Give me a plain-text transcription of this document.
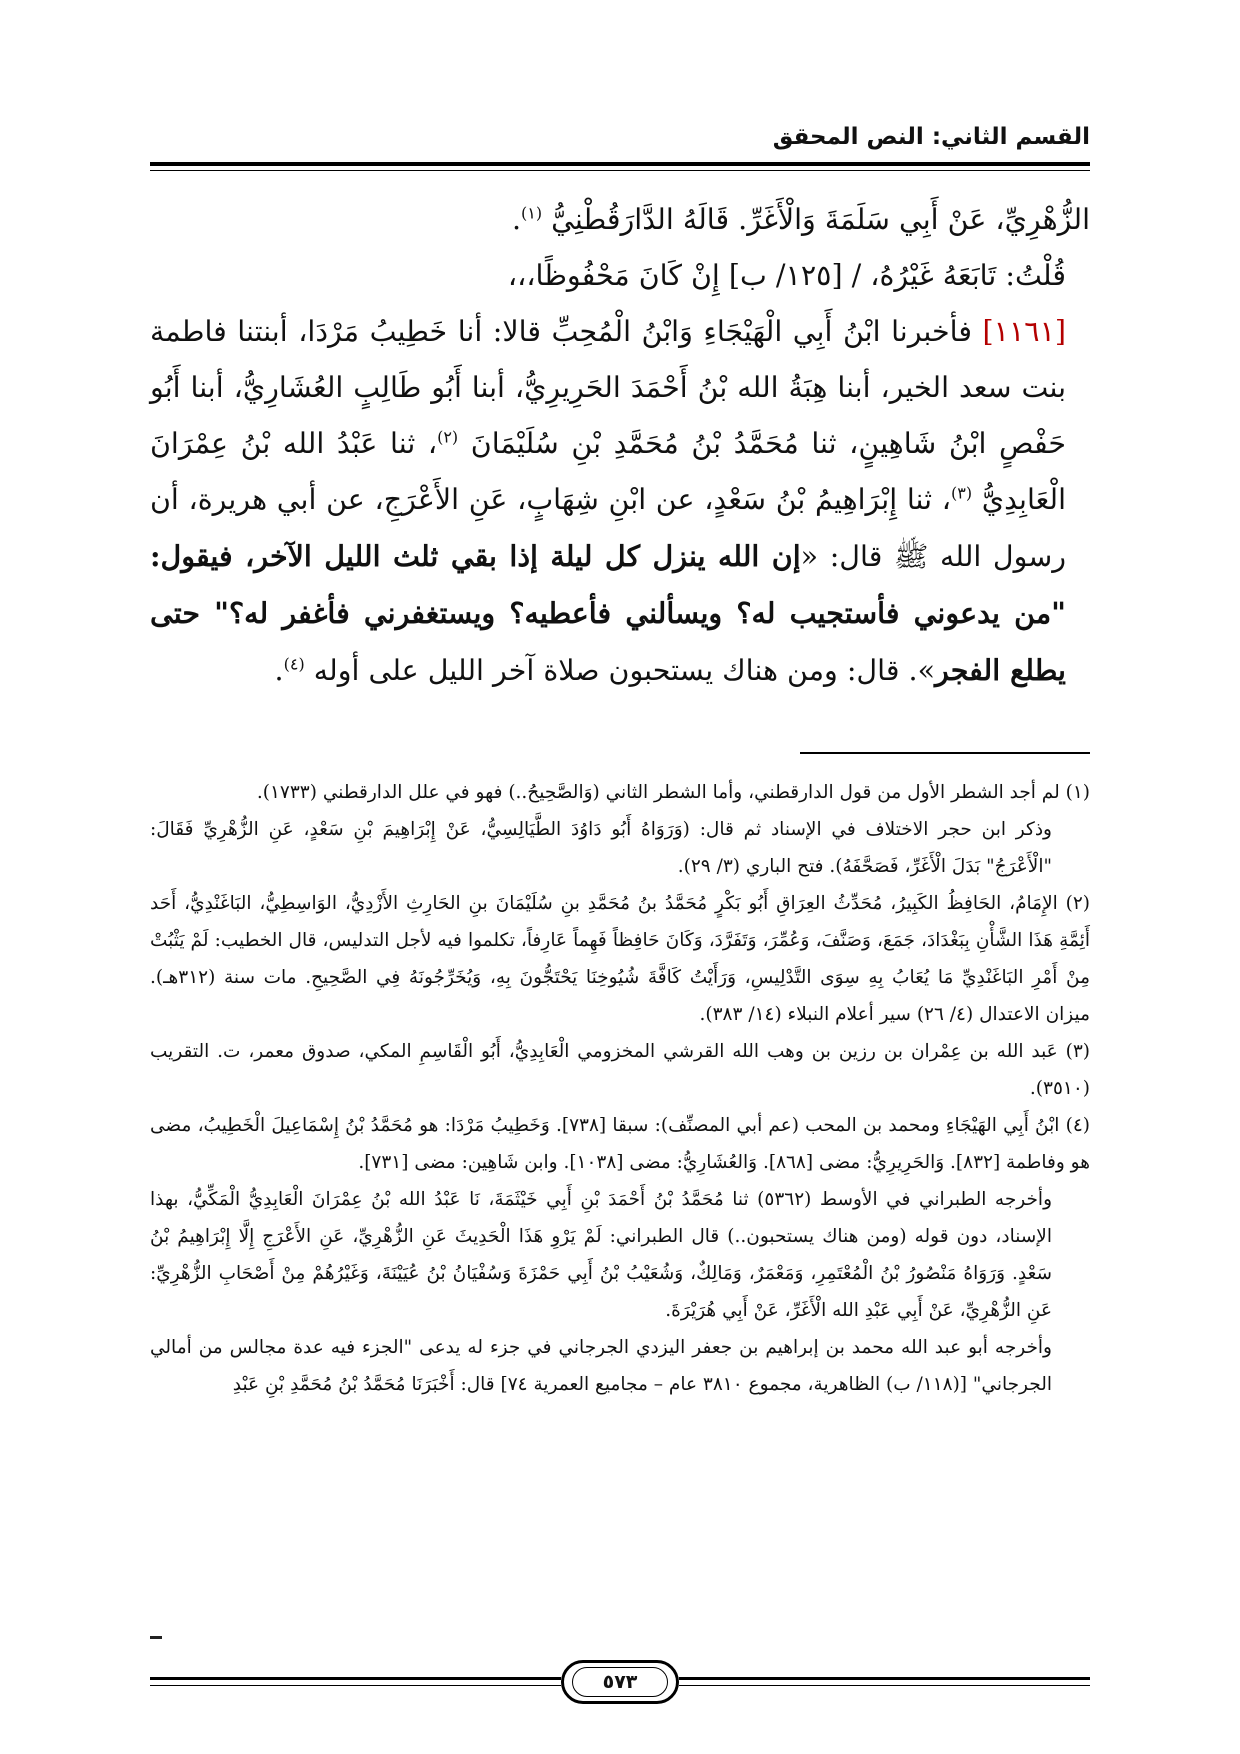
القسم الثاني: النص المحقق

الزُّهْرِيِّ، عَنْ أَبِي سَلَمَةَ وَالْأَغَرِّ. قَالَهُ الدَّارَقُطْنِيُّ $^{(١)}$.

قُلْتُ: تَابَعَهُ غَيْرُهُ، / [١٢٥/ ب] إِنْ كَانَ مَحْفُوظًا،،،

[١١٦١] فأخبرنا ابْنُ أَبِي الْهَيْجَاءِ وَابْنُ الْمُحِبِّ قالا: أنا خَطِيبُ مَرْدَا، أبنتنا فاطمة بنت سعد الخير، أبنا هِبَةُ الله بْنُ أَحْمَدَ الحَرِيرِيُّ، أبنا أَبُو طَالِبٍ العُشَارِيُّ، أبنا أَبُو حَفْصٍ ابْنُ شَاهِينٍ، ثنا مُحَمَّدُ بْنُ مُحَمَّدِ بْنِ سُلَيْمَانَ $^{(٢)}$، ثنا عَبْدُ الله بْنُ عِمْرَانَ الْعَابِدِيُّ $^{(٣)}$، ثنا إِبْرَاهِيمُ بْنُ سَعْدٍ، عن ابْنِ شِهَابٍ، عَنِ الأَعْرَجِ، عن أبي هريرة، أن رسول الله ﷺ قال: «إن الله ينزل كل ليلة إذا بقي ثلث الليل الآخر، فيقول: "من يدعوني فأستجيب له؟ ويسألني فأعطيه؟ ويستغفرني فأغفر له؟" حتى يطلع الفجر». قال: ومن هناك يستحبون صلاة آخر الليل على أوله $^{(٤)}$.

(١) لم أجد الشطر الأول من قول الدارقطني، وأما الشطر الثاني (وَالصَّحِيحُ..) فهو في علل الدارقطني (١٧٣٣).

وذكر ابن حجر الاختلاف في الإسناد ثم قال: (وَرَوَاهُ أَبُو دَاوُدَ الطَّيَالِسِيُّ، عَنْ إِبْرَاهِيمَ بْنِ سَعْدٍ، عَنِ الزُّهْرِيِّ فَقَالَ: "الْأَعْرَجُ" بَدَلَ الْأَغَرِّ، فَصَحَّفَهُ). فتح الباري (٣/ ٢٩).

(٢) الإِمَامُ، الحَافِظُ الكَبِيرُ، مُحَدِّثُ العِرَاقِ أَبُو بَكْرٍ مُحَمَّدُ بنُ مُحَمَّدِ بنِ سُلَيْمَانَ بنِ الحَارِثِ الأَزْدِيُّ، الوَاسِطِيُّ، البَاغَنْدِيُّ، أَحَد أَئِمَّةِ هَذَا الشَّأْنِ بِبَغْدَادَ، جَمَعَ، وَصَنَّفَ، وَعُمِّرَ، وَتَفَرَّدَ، وَكَانَ حَافِظاً فَهِماً عَارِفاً، تكلموا فيه لأجل التدليس، قال الخطيب: لَمْ يَثْبُتْ مِنْ أَمْرِ البَاغَنْدِيِّ مَا يُعَابُ بِهِ سِوَى التَّدْلِيسِ، وَرَأَيْتُ كَافَّةَ شُيُوخِنَا يَحْتَجُّونَ بِهِ، وَيُخَرِّجُونَهُ فِي الصَّحِيحِ. مات سنة (٣١٢هـ). ميزان الاعتدال (٤/ ٢٦) سير أعلام النبلاء (١٤/ ٣٨٣).

(٣) عَبد الله بن عِمْران بن رزين بن وهب الله القرشي المخزومي الْعَابِدِيُّ، أَبُو الْقَاسِمِ المكي، صدوق معمر، ت. التقريب (٣٥١٠).

(٤) ابْنُ أَبِي الهَيْجَاءِ ومحمد بن المحب (عم أبي المصنِّف): سبقا [٧٣٨]. وَخَطِيبُ مَرْدَا: هو مُحَمَّدُ بْنُ إِسْمَاعِيلَ الْخَطِيبُ، مضى هو وفاطمة [٨٣٢]. وَالحَرِيرِيُّ: مضى [٨٦٨]. وَالعُشَارِيُّ: مضى [١٠٣٨]. وابن شَاهِين: مضى [٧٣١].

وأخرجه الطبراني في الأوسط (٥٣٦٢) ثنا مُحَمَّدُ بْنُ أَحْمَدَ بْنِ أَبِي خَيْثَمَةَ، نَا عَبْدُ الله بْنُ عِمْرَانَ الْعَابِدِيُّ الْمَكِّيُّ، بهذا الإسناد، دون قوله (ومن هناك يستحبون..) قال الطبراني: لَمْ يَرْوِ هَذَا الْحَدِيثَ عَنِ الزُّهْرِيِّ، عَنِ الأَعْرَجِ إِلَّا إِبْرَاهِيمُ بْنُ سَعْدٍ. وَرَوَاهُ مَنْصُورُ بْنُ الْمُعْتَمِرِ، وَمَعْمَرٌ، وَمَالِكٌ، وَشُعَيْبُ بْنُ أَبِي حَمْزَةَ وَسُفْيَانُ بْنُ عُيَيْنَةَ، وَغَيْرُهُمْ مِنْ أَصْحَابِ الزُّهْرِيِّ: عَنِ الزُّهْرِيِّ، عَنْ أَبِي عَبْدِ الله الْأَغَرِّ، عَنْ أَبِي هُرَيْرَةَ.

وأخرجه أبو عبد الله محمد بن إبراهيم بن جعفر اليزدي الجرجاني في جزء له يدعى "الجزء فيه عدة مجالس من أمالي الجرجاني" [(١١٨/ ب) الظاهرية، مجموع ٣٨١٠ عام – مجاميع العمرية ٧٤] قال: أَخْبَرَنَا مُحَمَّدُ بْنُ مُحَمَّدِ بْنِ عَبْدِ

٥٧٣
